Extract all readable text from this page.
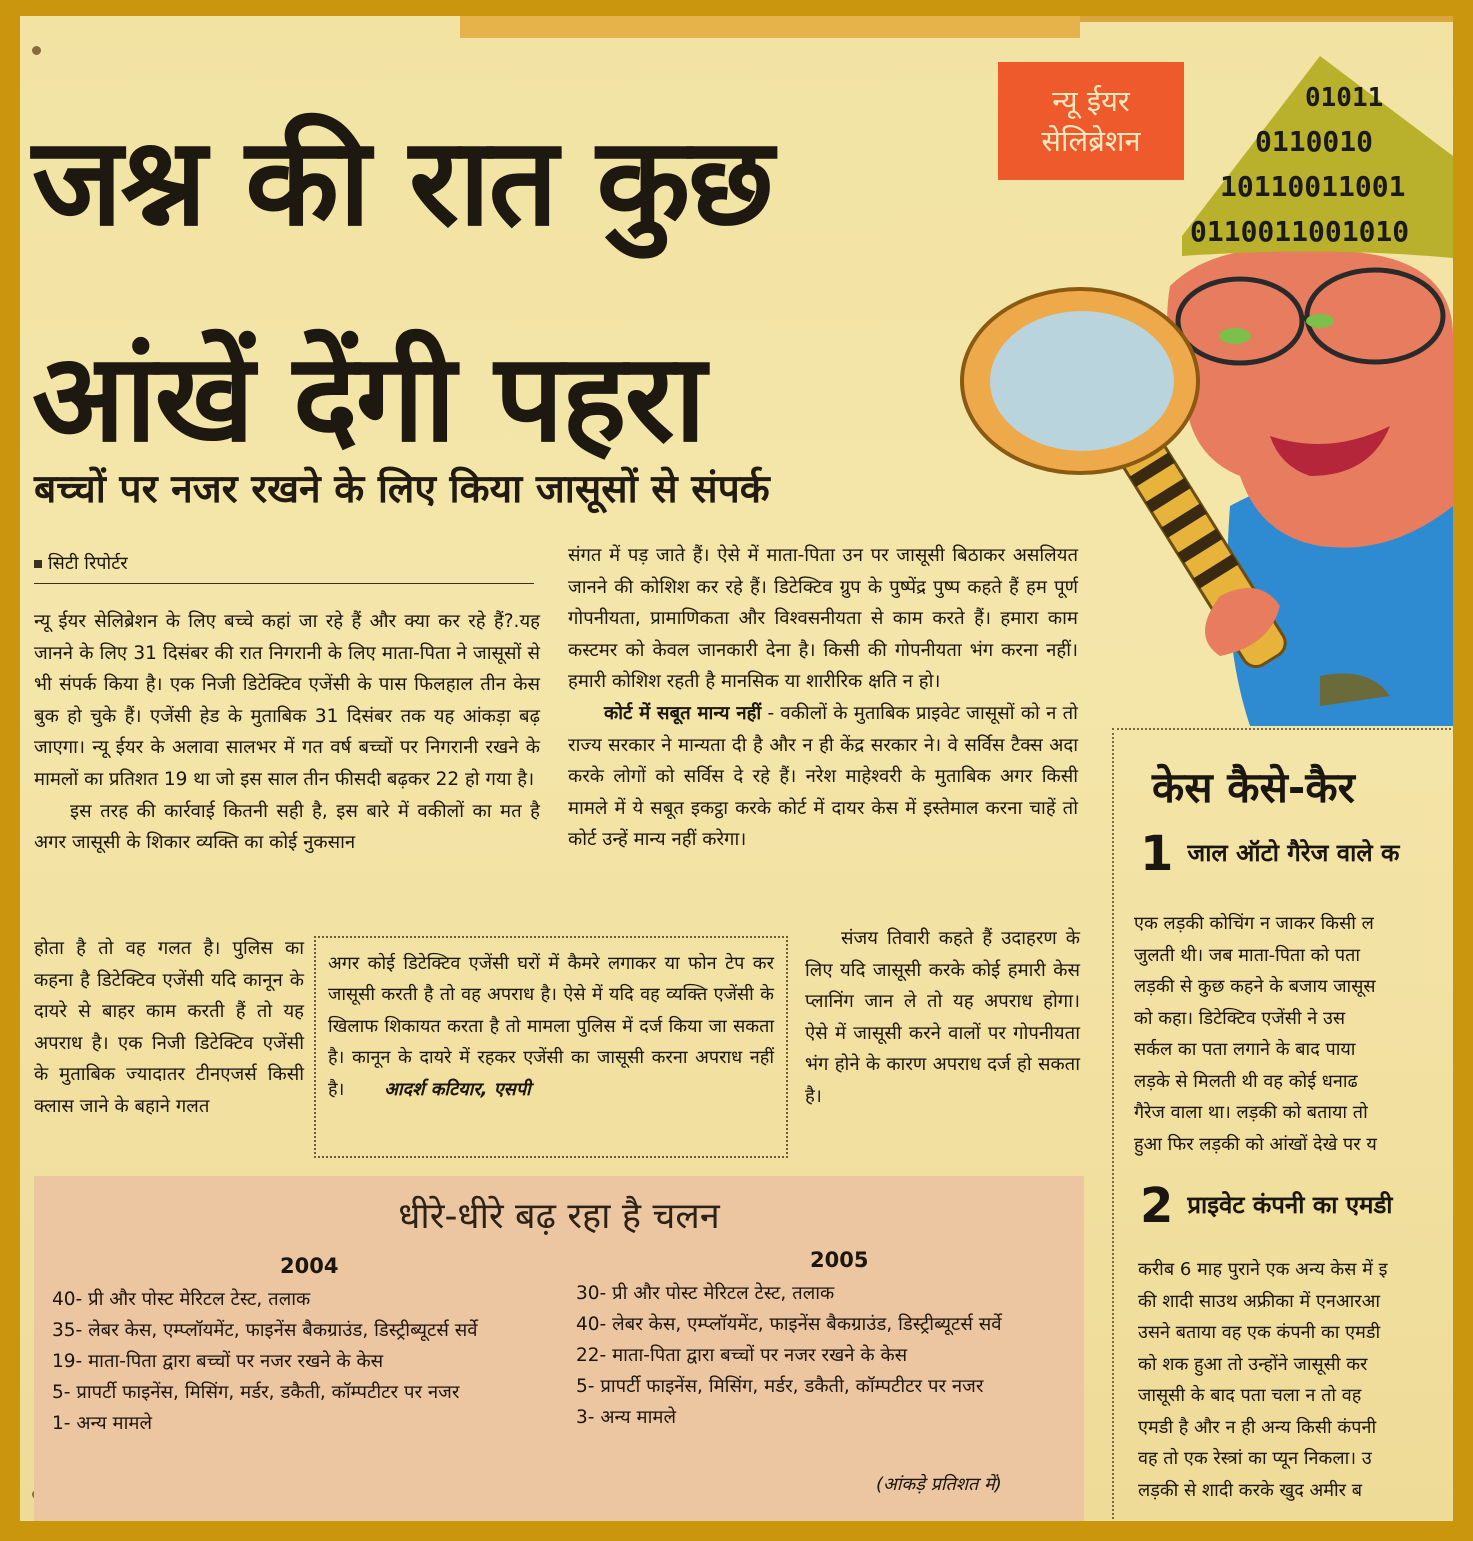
जश्न की रात कुछ
आंखें देंगी पहरा
न्यू ईयर
सेलिब्रेशन
01011
0110010
10110011001
0110011001010
बच्चों पर नजर रखने के लिए किया जासूसों से संपर्क
सिटी रिपोर्टर

न्यू ईयर सेलिब्रेशन के लिए बच्चे कहां जा रहे हैं और क्या कर रहे हैं?.यह जानने के लिए 31 दिसंबर की रात निगरानी के लिए माता-पिता ने जासूसों से भी संपर्क किया है। एक निजी डिटेक्टिव एजेंसी के पास फिलहाल तीन केस बुक हो चुके हैं। एजेंसी हेड के मुताबिक 31 दिसंबर तक यह आंकड़ा बढ़ जाएगा। न्यू ईयर के अलावा सालभर में गत वर्ष बच्चों पर निगरानी रखने के मामलों का प्रतिशत 19 था जो इस साल तीन फीसदी बढ़कर 22 हो गया है।

इस तरह की कार्रवाई कितनी सही है, इस बारे में वकीलों का मत है अगर जासूसी के शिकार व्यक्ति का कोई नुकसान

होता है तो वह गलत है। पुलिस का कहना है डिटेक्टिव एजेंसी यदि कानून के दायरे से बाहर काम करती हैं तो यह अपराध है। एक निजी डिटेक्टिव एजेंसी के मुताबिक ज्यादातर टीनएजर्स किसी क्लास जाने के बहाने गलत

संगत में पड़ जाते हैं। ऐसे में माता-पिता उन पर जासूसी बिठाकर असलियत जानने की कोशिश कर रहे हैं। डिटेक्टिव ग्रुप के पुष्पेंद्र पुष्प कहते हैं हम पूर्ण गोपनीयता, प्रामाणिकता और विश्वसनीयता से काम करते हैं। हमारा काम कस्टमर को केवल जानकारी देना है। किसी की गोपनीयता भंग करना नहीं। हमारी कोशिश रहती है मानसिक या शारीरिक क्षति न हो।

कोर्ट में सबूत मान्य नहीं - वकीलों के मुताबिक प्राइवेट जासूसों को न तो राज्य सरकार ने मान्यता दी है और न ही केंद्र सरकार ने। वे सर्विस टैक्स अदा करके लोगों को सर्विस दे रहे हैं। नरेश माहेश्वरी के मुताबिक अगर किसी मामले में ये सबूत इकट्ठा करके कोर्ट में दायर केस में इस्तेमाल करना चाहें तो कोर्ट उन्हें मान्य नहीं करेगा।

संजय तिवारी कहते हैं उदाहरण के लिए यदि जासूसी करके कोई हमारी केस प्लानिंग जान ले तो यह अपराध होगा। ऐसे में जासूसी करने वालों पर गोपनीयता भंग होने के कारण अपराध दर्ज हो सकता है।

अगर कोई डिटेक्टिव एजेंसी घरों में कैमरे लगाकर या फोन टेप कर जासूसी करती है तो वह अपराध है। ऐसे में यदि वह व्यक्ति एजेंसी के खिलाफ शिकायत करता है तो मामला पुलिस में दर्ज किया जा सकता है। कानून के दायरे में रहकर एजेंसी का जासूसी करना अपराध नहीं है। आदर्श कटियार, एसपी
धीरे-धीरे बढ़ रहा है चलन
2004	2005
40- प्री और पोस्ट मेरिटल टेस्ट, तलाक
35- लेबर केस, एम्प्लॉयमेंट, फाइनेंस बैकग्राउंड, डिस्ट्रीब्यूटर्स सर्वे
19- माता-पिता द्वारा बच्चों पर नजर रखने के केस
5- प्रापर्टी फाइनेंस, मिसिंग, मर्डर, डकैती, कॉम्पटीटर पर नजर
1- अन्य मामले
30- प्री और पोस्ट मेरिटल टेस्ट, तलाक
40- लेबर केस, एम्प्लॉयमेंट, फाइनेंस बैकग्राउंड, डिस्ट्रीब्यूटर्स सर्वे
22- माता-पिता द्वारा बच्चों पर नजर रखने के केस
5- प्रापर्टी फाइनेंस, मिसिंग, मर्डर, डकैती, कॉम्पटीटर पर नजर
3- अन्य मामले
(आंकड़े प्रतिशत में)
केस कैसे-कैर
1 जाल ऑटो गैरेज वाले क
एक लड़की कोचिंग न जाकर किसी ल
जुलती थी। जब माता-पिता को पता
लड़की से कुछ कहने के बजाय जासूस
को कहा। डिटेक्टिव एजेंसी ने उस
सर्कल का पता लगाने के बाद पाया
लड़के से मिलती थी वह कोई धनाढ
गैरेज वाला था। लड़की को बताया तो
हुआ फिर लड़की को आंखों देखे पर य
2 प्राइवेट कंपनी का एमडी
करीब 6 माह पुराने एक अन्य केस में इ
की शादी साउथ अफ्रीका में एनआरआ
उसने बताया वह एक कंपनी का एमडी
को शक हुआ तो उन्होंने जासूसी कर
जासूसी के बाद पता चला न तो वह
एमडी है और न ही अन्य किसी कंपनी
वह तो एक रेस्त्रां का प्यून निकला। उ
लड़की से शादी करके खुद अमीर ब
